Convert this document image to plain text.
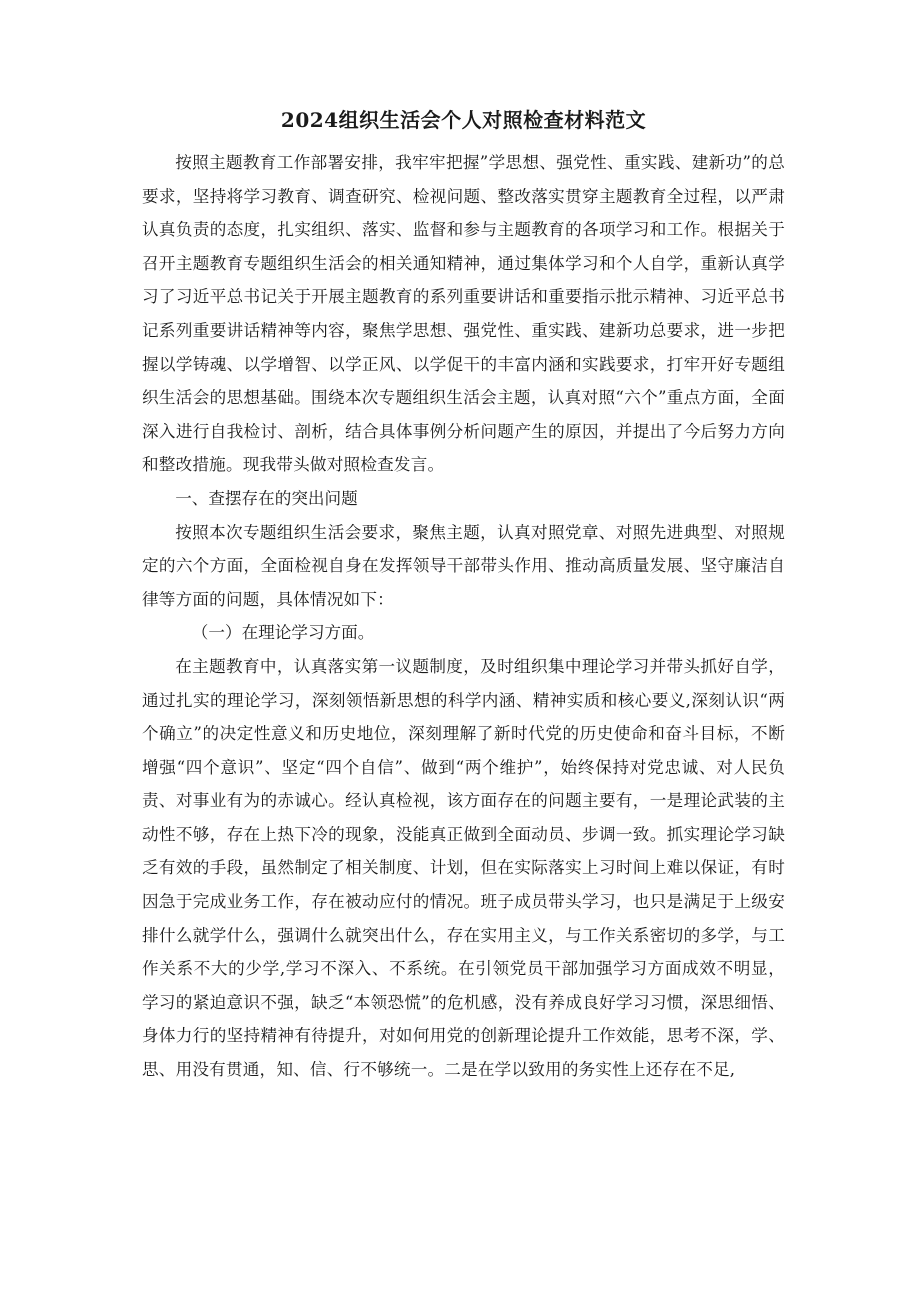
2024组织生活会个人对照检查材料范文

按照主题教育工作部署安排，我牢牢把握”学思想、强党性、重实践、建新功”的总要求，坚持将学习教育、调查研究、检视问题、整改落实贯穿主题教育全过程，以严肃认真负责的态度，扎实组织、落实、监督和参与主题教育的各项学习和工作。根据关于召开主题教育专题组织生活会的相关通知精神，通过集体学习和个人自学，重新认真学习了习近平总书记关于开展主题教育的系列重要讲话和重要指示批示精神、习近平总书记系列重要讲话精神等内容，聚焦学思想、强党性、重实践、建新功总要求，进一步把握以学铸魂、以学增智、以学正风、以学促干的丰富内涵和实践要求，打牢开好专题组织生活会的思想基础。围绕本次专题组织生活会主题，认真对照“六个”重点方面，全面深入进行自我检讨、剖析，结合具体事例分析问题产生的原因，并提出了今后努力方向和整改措施。现我带头做对照检查发言。

一、查摆存在的突出问题

按照本次专题组织生活会要求，聚焦主题，认真对照党章、对照先进典型、对照规定的六个方面，全面检视自身在发挥领导干部带头作用、推动高质量发展、坚守廉洁自律等方面的问题，具体情况如下：

（一）在理论学习方面。

在主题教育中，认真落实第一议题制度，及时组织集中理论学习并带头抓好自学，通过扎实的理论学习，深刻领悟新思想的科学内涵、精神实质和核心要义,深刻认识“两个确立”的决定性意义和历史地位，深刻理解了新时代党的历史使命和奋斗目标，不断增强“四个意识”、坚定“四个自信”、做到“两个维护”，始终保持对党忠诚、对人民负责、对事业有为的赤诚心。经认真检视，该方面存在的问题主要有，一是理论武装的主动性不够，存在上热下冷的现象，没能真正做到全面动员、步调一致。抓实理论学习缺乏有效的手段，虽然制定了相关制度、计划，但在实际落实上习时间上难以保证，有时因急于完成业务工作，存在被动应付的情况。班子成员带头学习，也只是满足于上级安排什么就学什么，强调什么就突出什么，存在实用主义，与工作关系密切的多学，与工作关系不大的少学,学习不深入、不系统。在引领党员干部加强学习方面成效不明显，学习的紧迫意识不强，缺乏“本领恐慌”的危机感，没有养成良好学习习惯，深思细悟、身体力行的坚持精神有待提升，对如何用党的创新理论提升工作效能，思考不深，学、思、用没有贯通，知、信、行不够统一。二是在学以致用的务实性上还存在不足,
